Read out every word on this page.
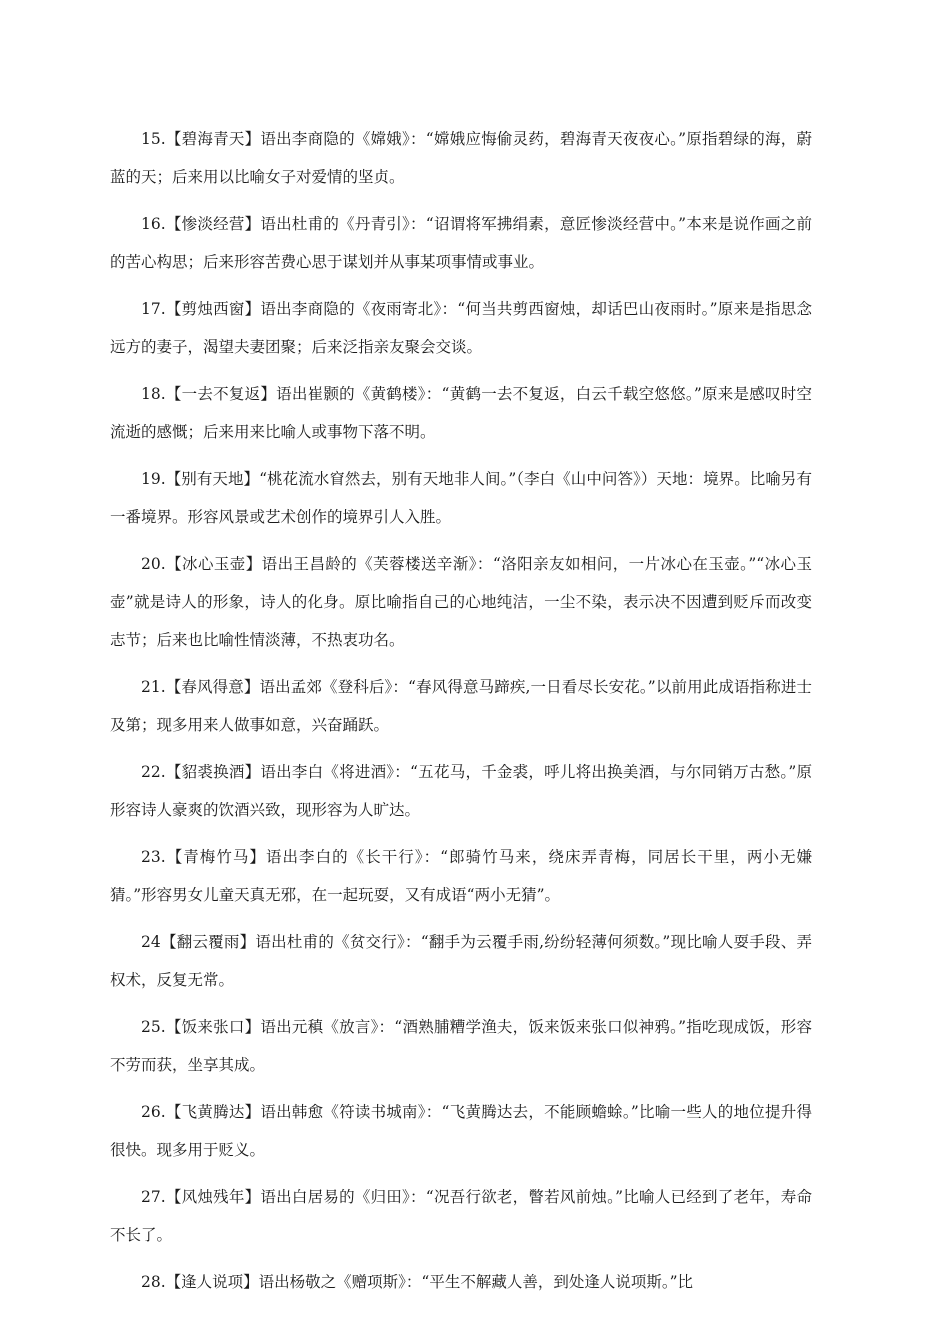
15.【碧海青天】语出李商隐的《嫦娥》：“嫦娥应悔偷灵药，碧海青天夜夜心。”原指碧绿的海，蔚蓝的天；后来用以比喻女子对爱情的坚贞。

16.【惨淡经营】语出杜甫的《丹青引》：“诏谓将军拂绢素，意匠惨淡经营中。”本来是说作画之前的苦心构思；后来形容苦费心思于谋划并从事某项事情或事业。

17.【剪烛西窗】语出李商隐的《夜雨寄北》：“何当共剪西窗烛，却话巴山夜雨时。”原来是指思念远方的妻子，渴望夫妻团聚；后来泛指亲友聚会交谈。

18.【一去不复返】语出崔颢的《黄鹤楼》：“黄鹤一去不复返，白云千载空悠悠。”原来是感叹时空流逝的感慨；后来用来比喻人或事物下落不明。

19.【别有天地】“桃花流水窅然去，别有天地非人间。”（李白《山中问答》）天地：境界。比喻另有一番境界。形容风景或艺术创作的境界引人入胜。

20.【冰心玉壶】语出王昌龄的《芙蓉楼送辛渐》：“洛阳亲友如相问，一片冰心在玉壶。”“冰心玉壶”就是诗人的形象，诗人的化身。原比喻指自己的心地纯洁，一尘不染，表示决不因遭到贬斥而改变志节；后来也比喻性情淡薄，不热衷功名。

21.【春风得意】语出孟郊《登科后》：“春风得意马蹄疾,一日看尽长安花。”以前用此成语指称进士及第；现多用来人做事如意，兴奋踊跃。

22.【貂裘换酒】语出李白《将进酒》：“五花马，千金裘，呼儿将出换美酒，与尔同销万古愁。”原形容诗人豪爽的饮酒兴致，现形容为人旷达。

23.【青梅竹马】语出李白的《长干行》：“郎骑竹马来，绕床弄青梅，同居长干里，两小无嫌猜。”形容男女儿童天真无邪，在一起玩耍，又有成语“两小无猜”。

24【翻云覆雨】语出杜甫的《贫交行》：“翻手为云覆手雨,纷纷轻薄何须数。”现比喻人耍手段、弄权术，反复无常。

25.【饭来张口】语出元稹《放言》：“酒熟脯糟学渔夫，饭来饭来张口似神鸦。”指吃现成饭，形容不劳而获，坐享其成。

26.【飞黄腾达】语出韩愈《符读书城南》：“飞黄腾达去，不能顾蟾蜍。”比喻一些人的地位提升得很快。现多用于贬义。

27.【风烛残年】语出白居易的《归田》：“况吾行欲老，瞥若风前烛。”比喻人已经到了老年，寿命不长了。

28.【逢人说项】语出杨敬之《赠项斯》：“平生不解藏人善，到处逢人说项斯。”比
